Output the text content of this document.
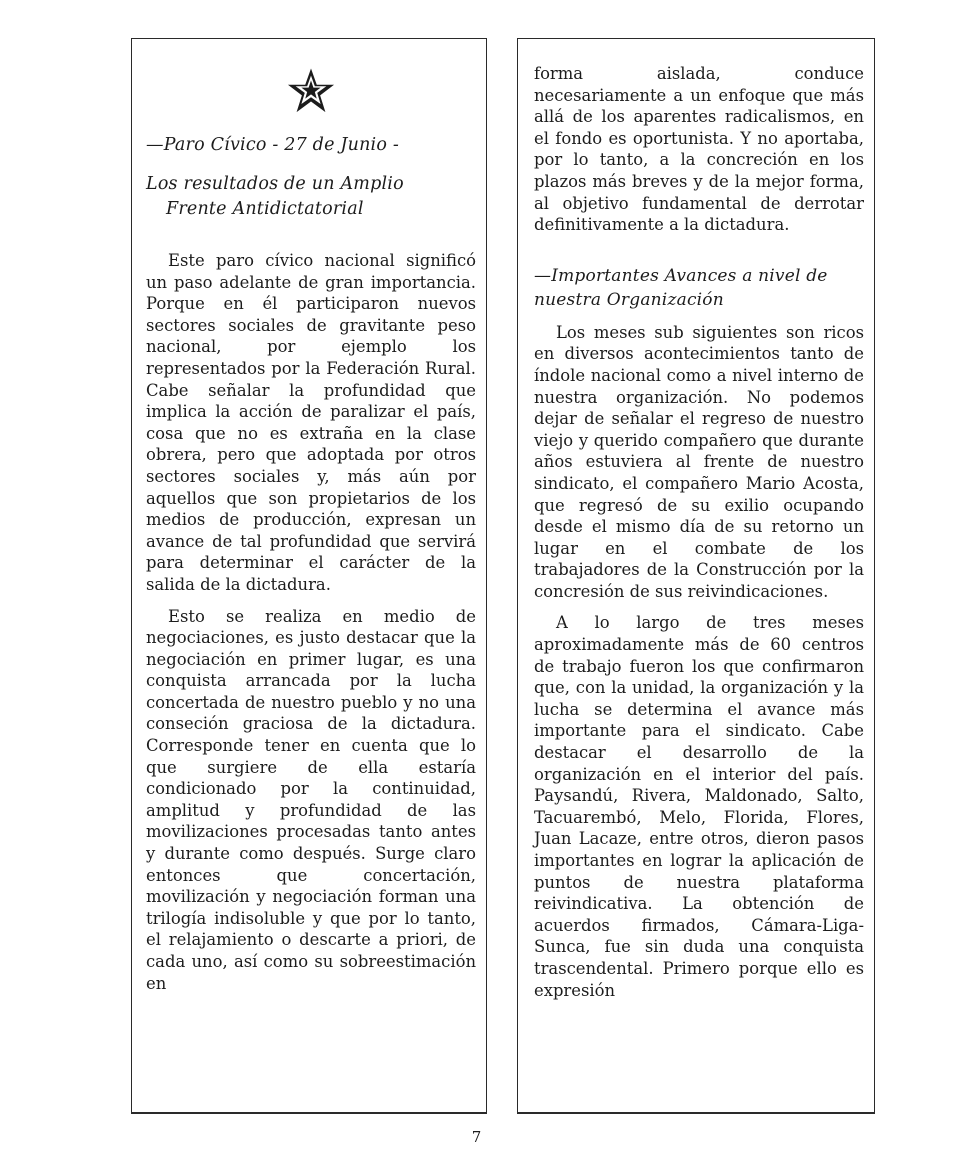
—Paro Cívico - 27 de Junio -

Los resultados de un Amplio

Frente Antidictatorial

Este paro cívico nacional significó un paso adelante de gran importancia. Porque en él participaron nuevos sectores sociales de gravitante peso nacional, por ejemplo los representados por la Federación Rural. Cabe señalar la profundidad que implica la acción de paralizar el país, cosa que no es extraña en la clase obrera, pero que adoptada por otros sectores sociales y, más aún por aquellos que son propietarios de los medios de producción, expresan un avance de tal profundidad que servirá para determinar el carácter de la salida de la dictadura.

Esto se realiza en medio de negociaciones, es justo destacar que la negociación en primer lugar, es una conquista arrancada por la lucha concertada de nuestro pueblo y no una conseción graciosa de la dictadura. Corresponde tener en cuenta que lo que surgiere de ella estaría condicionado por la continuidad, amplitud y profundidad de las movilizaciones procesadas tanto antes y durante como después. Surge claro entonces que concertación, movilización y negociación forman una trilogía indisoluble y que por lo tanto, el relajamiento o descarte a priori, de cada uno, así como su sobreestimación en

forma aislada, conduce necesariamente a un enfoque que más allá de los aparentes radicalismos, en el fondo es oportunista. Y no aportaba, por lo tanto, a la concreción en los plazos más breves y de la mejor forma, al objetivo fundamental de derrotar definitivamente a la dictadura.

—Importantes Avances a nivel de nuestra Organización

Los meses sub siguientes son ricos en diversos acontecimientos tanto de índole nacional como a nivel interno de nuestra organización. No podemos dejar de señalar el regreso de nuestro viejo y querido compañero que durante años estuviera al frente de nuestro sindicato, el compañero Mario Acosta, que regresó de su exilio ocupando desde el mismo día de su retorno un lugar en el combate de los trabajadores de la Construcción por la concresión de sus reivindicaciones.

A lo largo de tres meses aproximadamente más de 60 centros de trabajo fueron los que confirmaron que, con la unidad, la organización y la lucha se determina el avance más importante para el sindicato. Cabe destacar el desarrollo de la organización en el interior del país. Paysandú, Rivera, Maldonado, Salto, Tacuarembó, Melo, Florida, Flores, Juan Lacaze, entre otros, dieron pasos importantes en lograr la aplicación de puntos de nuestra plataforma reivindicativa. La obtención de acuerdos firmados, Cámara-Liga-Sunca, fue sin duda una conquista trascendental. Primero porque ello es expresión

7
